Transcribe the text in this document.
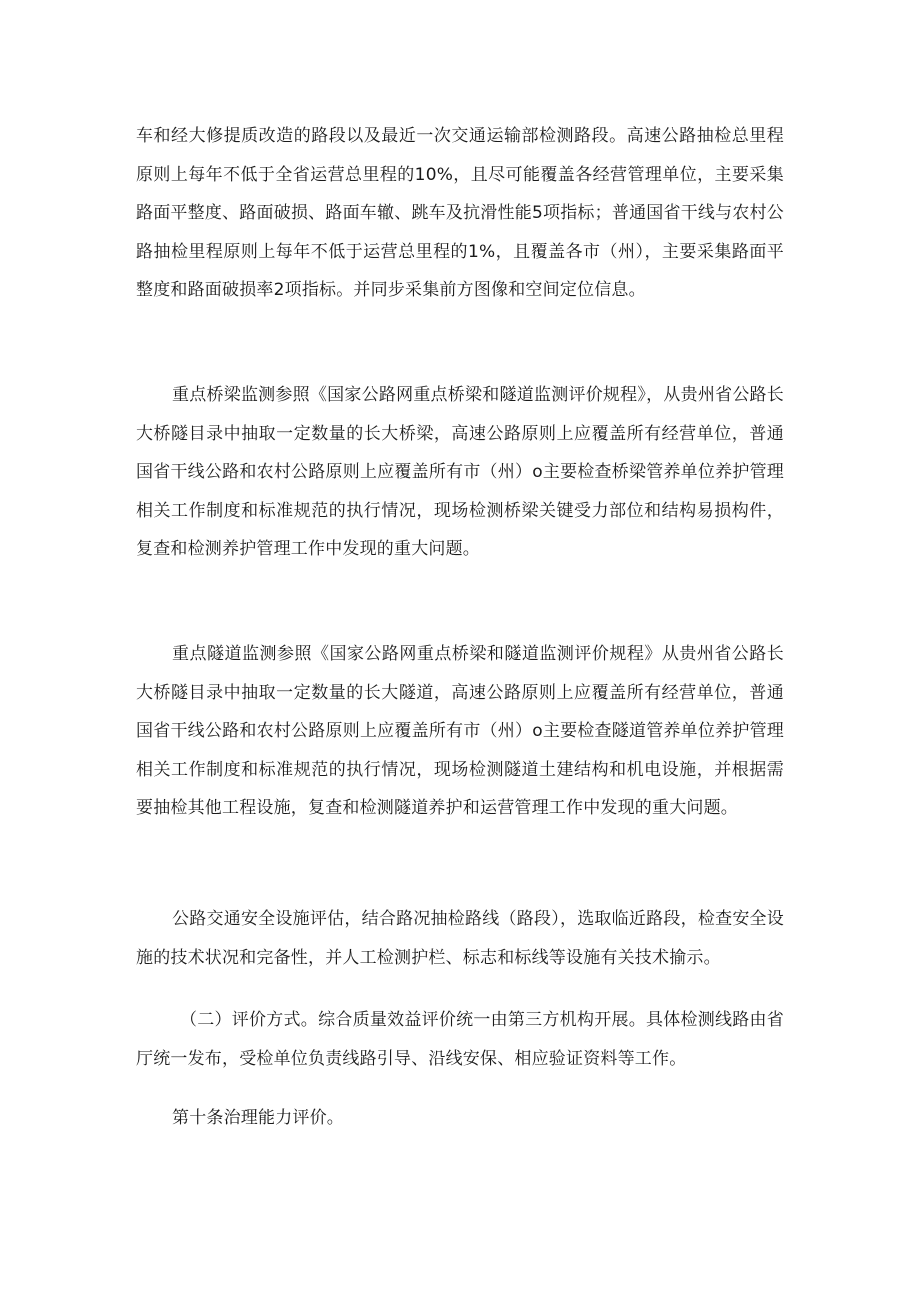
车和经大修提质改造的路段以及最近一次交通运输部检测路段。高速公路抽检总里程原则上每年不低于全省运营总里程的10%，且尽可能覆盖各经营管理单位，主要采集路面平整度、路面破损、路面车辙、跳车及抗滑性能5项指标；普通国省干线与农村公路抽检里程原则上每年不低于运营总里程的1%，且覆盖各市（州），主要采集路面平整度和路面破损率2项指标。并同步采集前方图像和空间定位信息。

重点桥梁监测参照《国家公路网重点桥梁和隧道监测评价规程》，从贵州省公路长大桥隧目录中抽取一定数量的长大桥梁，高速公路原则上应覆盖所有经营单位，普通国省干线公路和农村公路原则上应覆盖所有市（州）o主要检查桥梁管养单位养护管理相关工作制度和标准规范的执行情况，现场检测桥梁关键受力部位和结构易损构件，复查和检测养护管理工作中发现的重大问题。

重点隧道监测参照《国家公路网重点桥梁和隧道监测评价规程》从贵州省公路长大桥隧目录中抽取一定数量的长大隧道，高速公路原则上应覆盖所有经营单位，普通国省干线公路和农村公路原则上应覆盖所有市（州）o主要检查隧道管养单位养护管理相关工作制度和标准规范的执行情况，现场检测隧道土建结构和机电设施，并根据需要抽检其他工程设施，复查和检测隧道养护和运营管理工作中发现的重大问题。

公路交通安全设施评估，结合路况抽检路线（路段），选取临近路段，检查安全设施的技术状况和完备性，并人工检测护栏、标志和标线等设施有关技术揄示。

（二）评价方式。综合质量效益评价统一由第三方机构开展。具体检测线路由省厅统一发布，受检单位负责线路引导、沿线安保、相应验证资料等工作。

第十条治理能力评价。
